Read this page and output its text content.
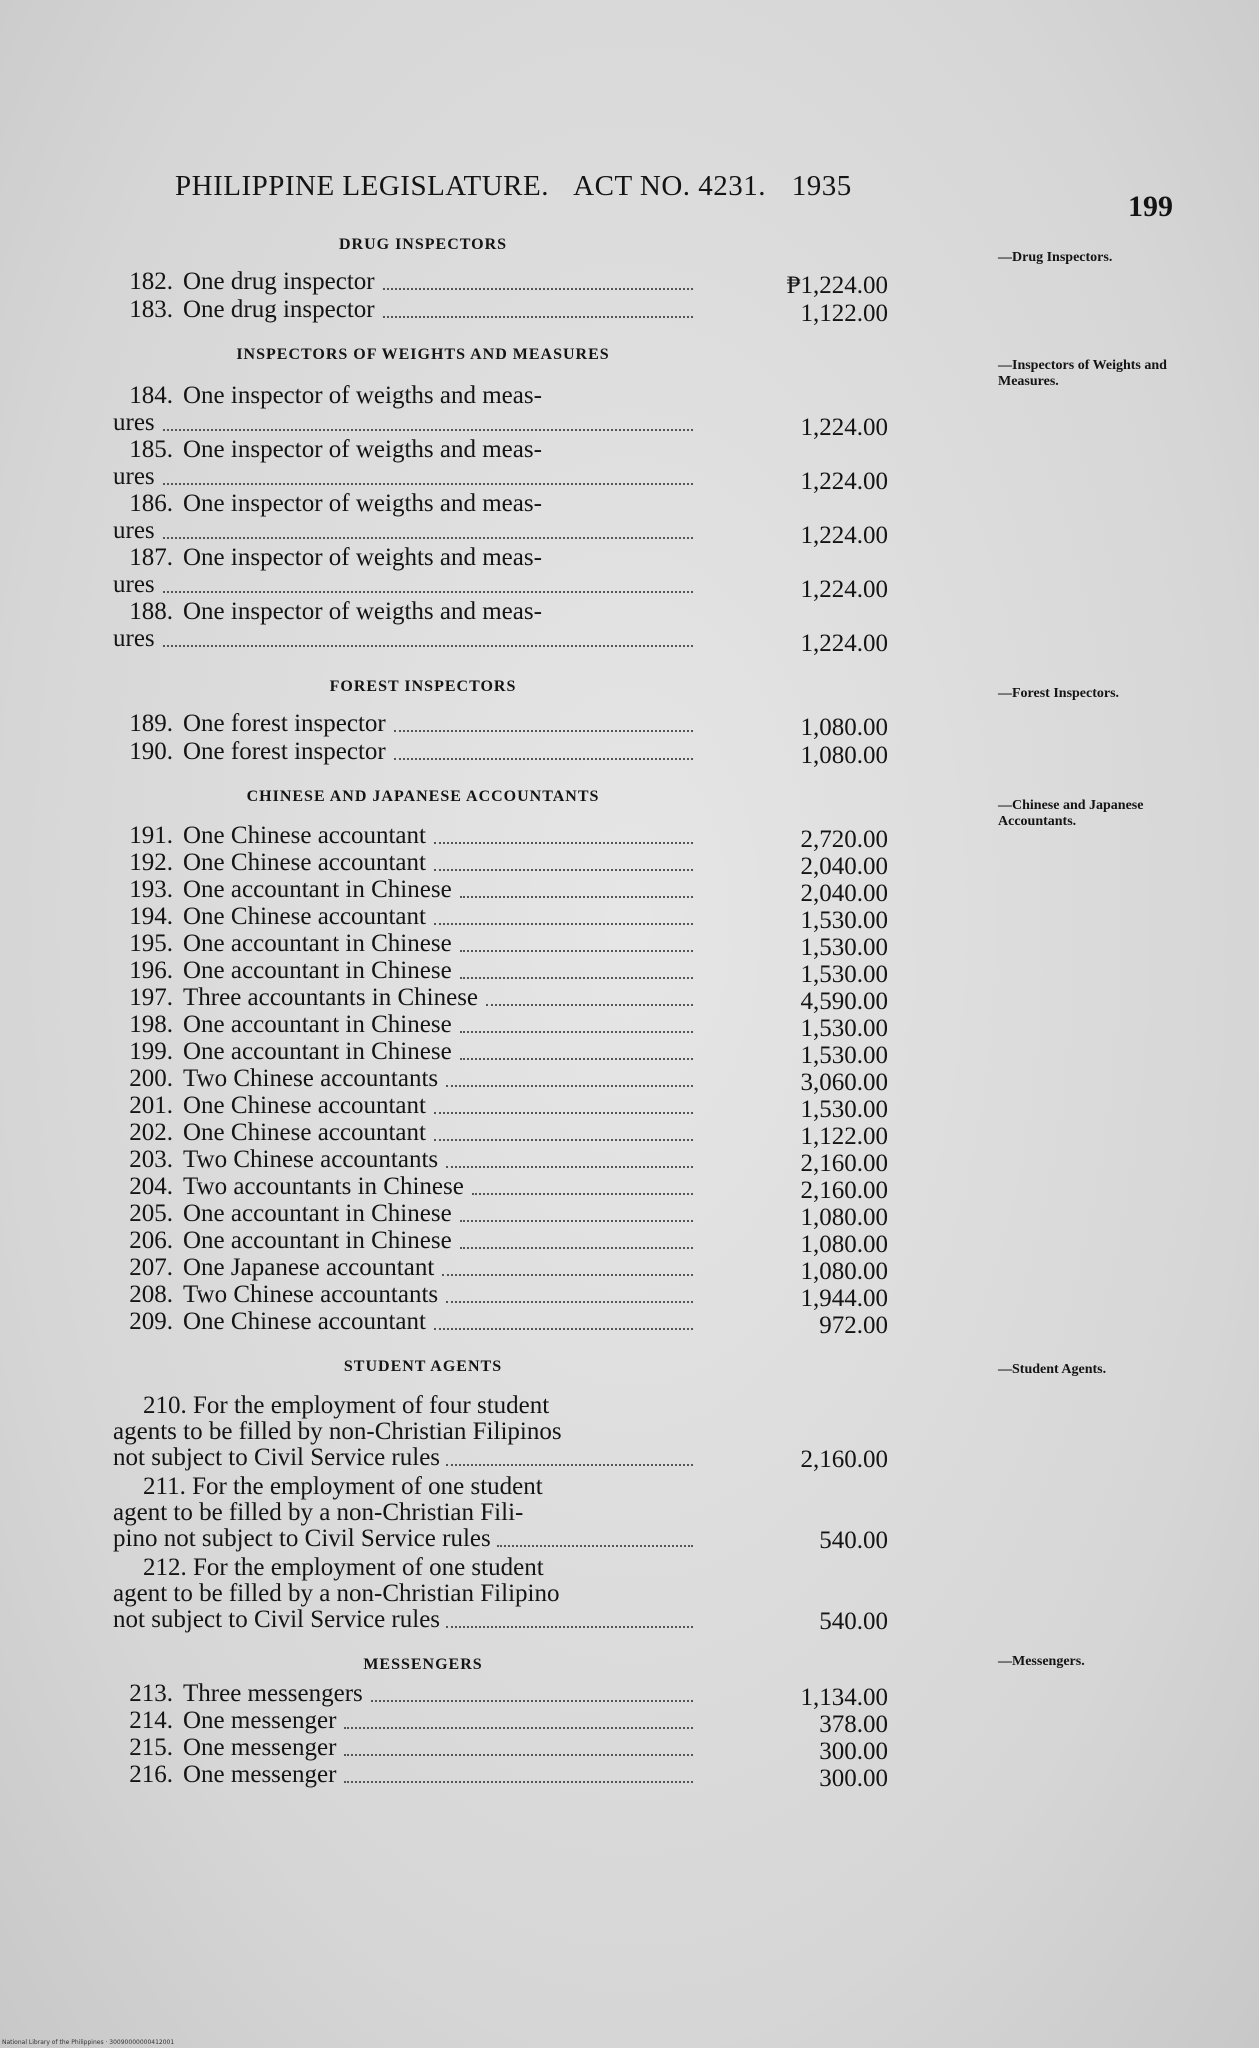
PHILIPPINE LEGISLATURE. ACT NO. 4231. 1935
199
DRUG INSPECTORS
—Drug Inspectors.
182. One drug inspector	₱1,224.00
183. One drug inspector	1,122.00
INSPECTORS OF WEIGHTS AND MEASURES
—Inspectors of Weights and Measures.
184. One inspector of weigths and meas-
ures	1,224.00
185. One inspector of weigths and meas-
ures	1,224.00
186. One inspector of weigths and meas-
ures	1,224.00
187. One inspector of weights and meas-
ures	1,224.00
188. One inspector of weigths and meas-
ures	1,224.00
FOREST INSPECTORS	—Forest Inspectors.
189. One forest inspector	1,080.00
190. One forest inspector	1,080.00
CHINESE AND JAPANESE ACCOUNTANTS
—Chinese and Japanese Accountants.
191. One Chinese accountant	2,720.00
192. One Chinese accountant	2,040.00
193. One accountant in Chinese	2,040.00
194. One Chinese accountant	1,530.00
195. One accountant in Chinese	1,530.00
196. One accountant in Chinese	1,530.00
197. Three accountants in Chinese	4,590.00
198. One accountant in Chinese	1,530.00
199. One accountant in Chinese	1,530.00
200. Two Chinese accountants	3,060.00
201. One Chinese accountant	1,530.00
202. One Chinese accountant	1,122.00
203. Two Chinese accountants	2,160.00
204. Two accountants in Chinese	2,160.00
205. One accountant in Chinese	1,080.00
206. One accountant in Chinese	1,080.00
207. One Japanese accountant	1,080.00
208. Two Chinese accountants	1,944.00
209. One Chinese accountant	972.00
STUDENT AGENTS	—Student Agents.
210. For the employment of four student
agents to be filled by non-Christian Filipinos
not subject to Civil Service rules	2,160.00
211. For the employment of one student
agent to be filled by a non-Christian Fili-
pino not subject to Civil Service rules	540.00
212. For the employment of one student
agent to be filled by a non-Christian Filipino
not subject to Civil Service rules	540.00
MESSENGERS	—Messengers.
213. Three messengers	1,134.00
214. One messenger	378.00
215. One messenger	300.00
216. One messenger	300.00
National Library of the Philippines · 30090000000412001
